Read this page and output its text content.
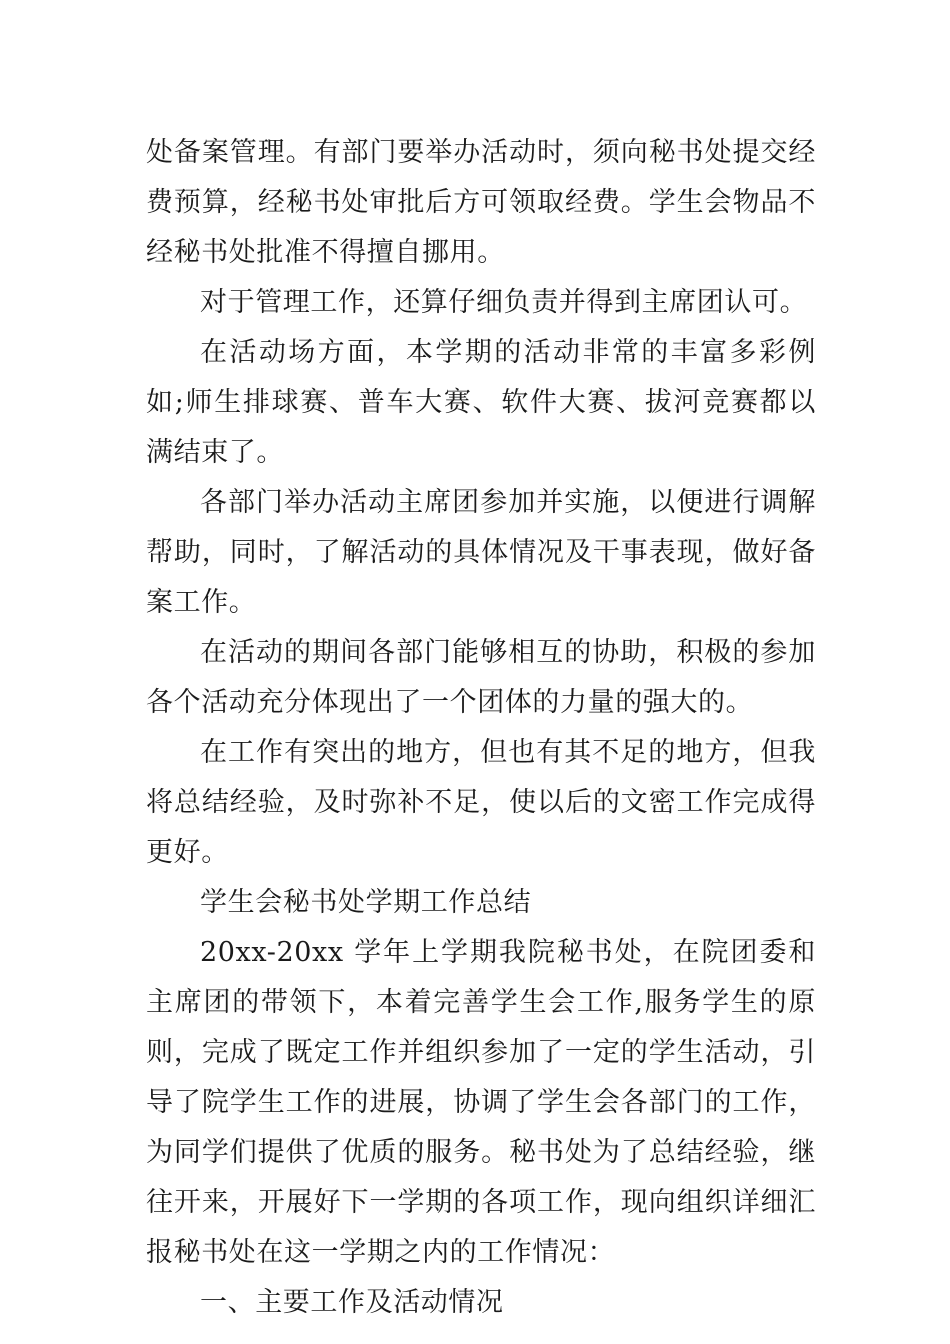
处备案管理。有部门要举办活动时，须向秘书处提交经费预算，经秘书处审批后方可领取经费。学生会物品不经秘书处批准不得擅自挪用。

对于管理工作，还算仔细负责并得到主席团认可。

在活动场方面，本学期的活动非常的丰富多彩例如;师生排球赛、普车大赛、软件大赛、拔河竞赛都以满结束了。

各部门举办活动主席团参加并实施，以便进行调解帮助，同时，了解活动的具体情况及干事表现，做好备案工作。

在活动的期间各部门能够相互的协助，积极的参加各个活动充分体现出了一个团体的力量的强大的。

在工作有突出的地方，但也有其不足的地方，但我将总结经验，及时弥补不足，使以后的文密工作完成得更好。

学生会秘书处学期工作总结

20xx-20xx 学年上学期我院秘书处，在院团委和主席团的带领下，本着完善学生会工作,服务学生的原则，完成了既定工作并组织参加了一定的学生活动，引导了院学生工作的进展，协调了学生会各部门的工作，为同学们提供了优质的服务。秘书处为了总结经验，继往开来，开展好下一学期的各项工作，现向组织详细汇报秘书处在这一学期之内的工作情况：

一、主要工作及活动情况
